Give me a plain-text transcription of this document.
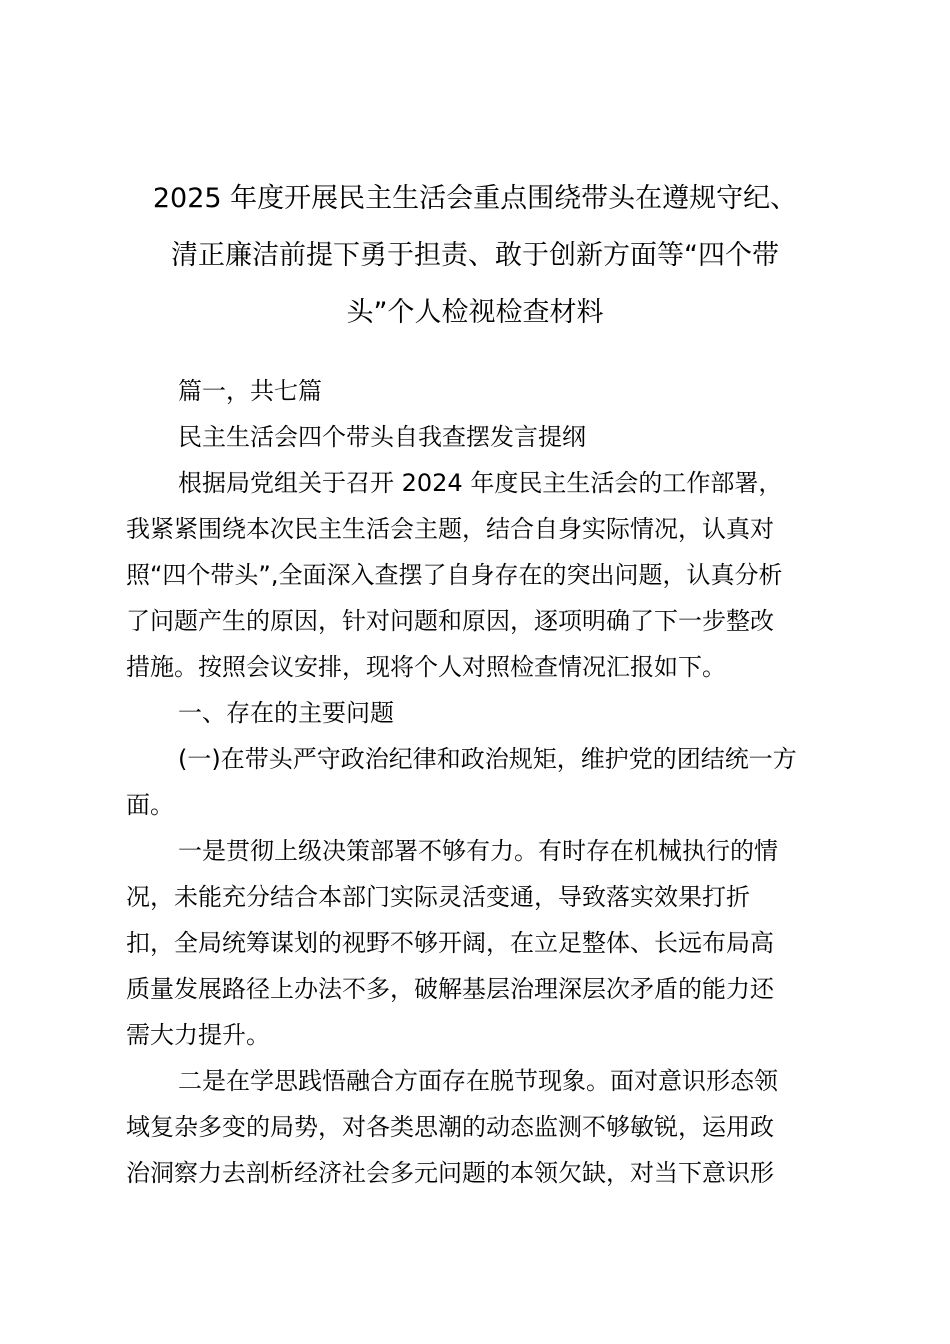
2025 年度开展民主生活会重点围绕带头在遵规守纪、
清正廉洁前提下勇于担责、敢于创新方面等“四个带
头”个人检视检查材料
篇一，共七篇
民主生活会四个带头自我查摆发言提纲
根据局党组关于召开 2024 年度民主生活会的工作部署，
我紧紧围绕本次民主生活会主题，结合自身实际情况，认真对
照“四个带头”,全面深入查摆了自身存在的突出问题，认真分析
了问题产生的原因，针对问题和原因，逐项明确了下一步整改
措施。按照会议安排，现将个人对照检查情况汇报如下。
一、存在的主要问题
(一)在带头严守政治纪律和政治规矩，维护党的团结统一方
面。
一是贯彻上级决策部署不够有力。有时存在机械执行的情
况，未能充分结合本部门实际灵活变通，导致落实效果打折
扣，全局统筹谋划的视野不够开阔，在立足整体、长远布局高
质量发展路径上办法不多，破解基层治理深层次矛盾的能力还
需大力提升。
二是在学思践悟融合方面存在脱节现象。面对意识形态领
域复杂多变的局势，对各类思潮的动态监测不够敏锐，运用政
治洞察力去剖析经济社会多元问题的本领欠缺，对当下意识形
